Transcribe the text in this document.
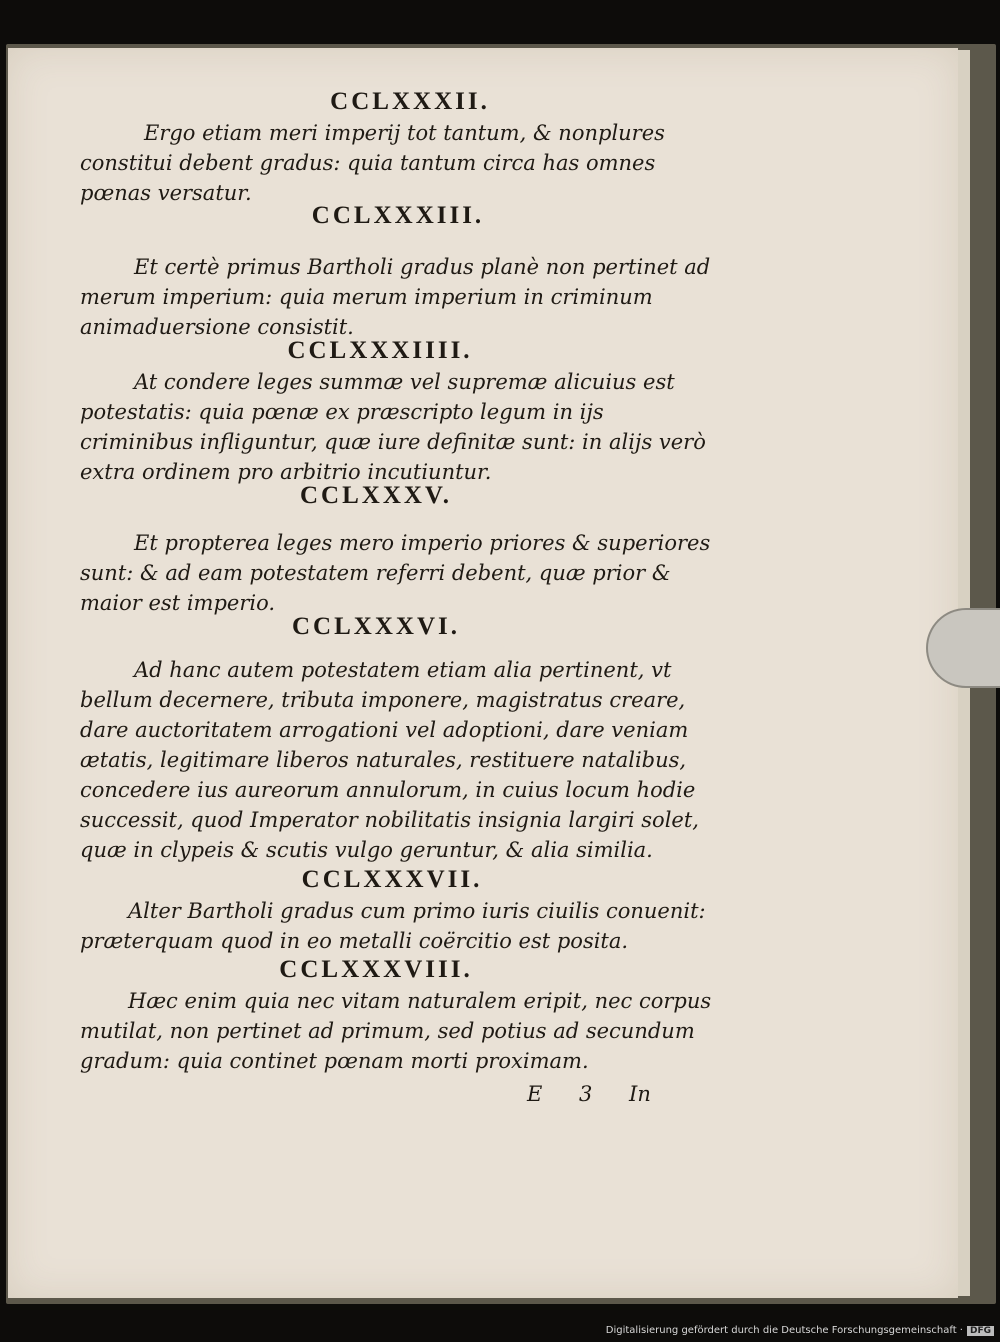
CCLXXXII.

Ergo etiam meri imperij tot tantum, & nonplures constitui debent gradus: quia tantum circa has omnes pœnas versatur.

CCLXXXIII.

Et certè primus Bartholi gradus planè non pertinet ad merum imperium: quia merum imperium in criminum animaduersione consistit.

CCLXXXIIII.

At condere leges summæ vel supremæ alicuius est potestatis: quia pœnæ ex præscripto legum in ijs criminibus infliguntur, quæ iure definitæ sunt: in alijs verò extra ordinem pro arbitrio incutiuntur.

CCLXXXV.

Et propterea leges mero imperio priores & superiores sunt: & ad eam potestatem referri debent, quæ prior & maior est imperio.

CCLXXXVI.

Ad hanc autem potestatem etiam alia pertinent, vt bellum decernere, tributa imponere, magistratus creare, dare auctoritatem arrogationi vel adoptioni, dare veniam ætatis, legitimare liberos naturales, restituere natalibus, concedere ius aureorum annulorum, in cuius locum hodie successit, quod Imperator nobilitatis insignia largiri solet, quæ in clypeis & scutis vulgo geruntur, & alia similia.

CCLXXXVII.

Alter Bartholi gradus cum primo iuris ciuilis conuenit: præterquam quod in eo metalli coërcitio est posita.

CCLXXXVIII.

Hæc enim quia nec vitam naturalem eripit, nec corpus mutilat, non pertinet ad primum, sed potius ad secundum gradum: quia continet pœnam morti proximam.

E 3 In
Digitalisierung gefördert durch die Deutsche Forschungsgemeinschaft · DFG
